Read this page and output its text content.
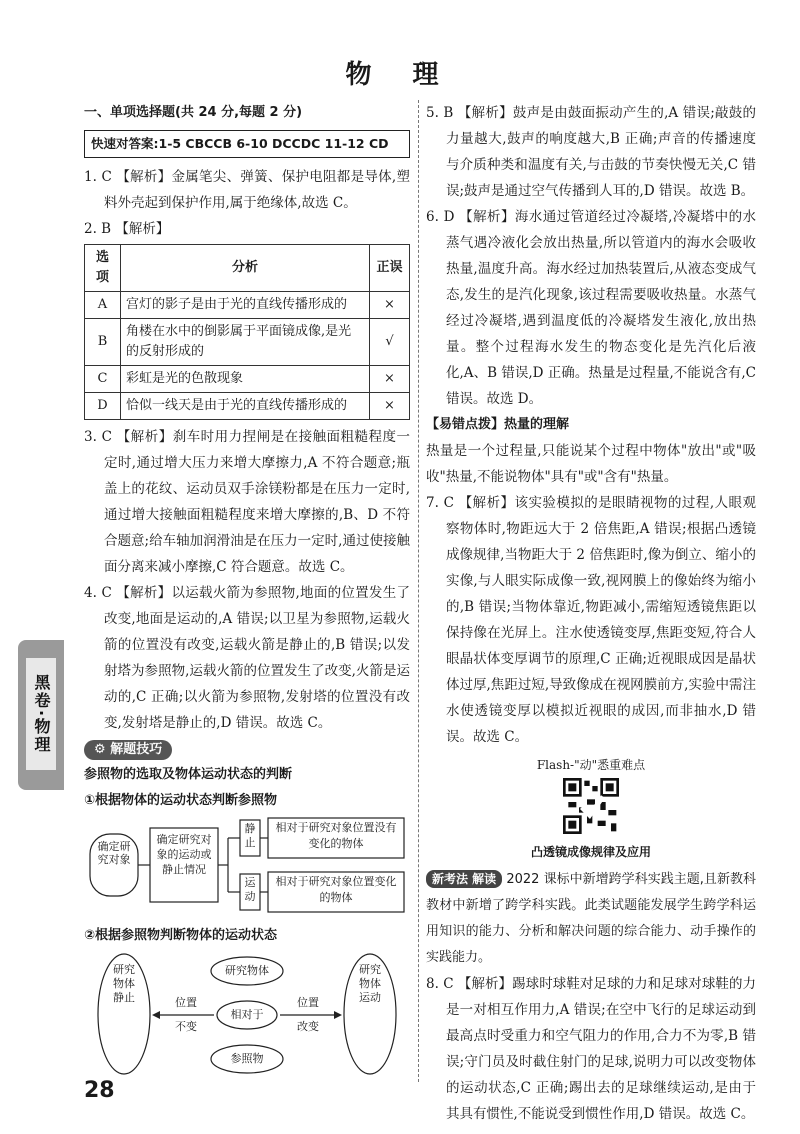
物 理
一、单项选择题(共 24 分,每题 2 分)
快速对答案:1-5 CBCCB 6-10 DCCDC 11-12 CD

1. C 【解析】金属笔尖、弹簧、保护电阻都是导体,塑料外壳起到保护作用,属于绝缘体,故选 C。

2. B 【解析】

选项	分析	正误
A	宫灯的影子是由于光的直线传播形成的	×
B	角楼在水中的倒影属于平面镜成像,是光的反射形成的	√
C	彩虹是光的色散现象	×
D	恰似一线天是由于光的直线传播形成的	×

3. C 【解析】刹车时用力捏闸是在接触面粗糙程度一定时,通过增大压力来增大摩擦力,A 不符合题意;瓶盖上的花纹、运动员双手涂镁粉都是在压力一定时,通过增大接触面粗糙程度来增大摩擦的,B、D 不符合题意;给车轴加润滑油是在压力一定时,通过使接触面分离来减小摩擦,C 符合题意。故选 C。

4. C 【解析】以运载火箭为参照物,地面的位置发生了改变,地面是运动的,A 错误;以卫星为参照物,运载火箭的位置没有改变,运载火箭是静止的,B 错误;以发射塔为参照物,运载火箭的位置发生了改变,火箭是运动的,C 正确;以火箭为参照物,发射塔的位置没有改变,发射塔是静止的,D 错误。故选 C。

⚙ 解题技巧
参照物的选取及物体运动状态的判断
①根据物体的运动状态判断参照物
确定研究对象
确定研究对象的运动或静止情况
静止
运动
相对于研究对象位置没有变化的物体
相对于研究对象位置变化的物体
②根据参照物判断物体的运动状态
研究物体静止
研究物体运动
研究物体
相对于
参照物
位置
不变
位置
改变

5. B 【解析】鼓声是由鼓面振动产生的,A 错误;敲鼓的力量越大,鼓声的响度越大,B 正确;声音的传播速度与介质种类和温度有关,与击鼓的节奏快慢无关,C 错误;鼓声是通过空气传播到人耳的,D 错误。故选 B。

6. D 【解析】海水通过管道经过冷凝塔,冷凝塔中的水蒸气遇冷液化会放出热量,所以管道内的海水会吸收热量,温度升高。海水经过加热装置后,从液态变成气态,发生的是汽化现象,该过程需要吸收热量。水蒸气经过冷凝塔,遇到温度低的冷凝塔发生液化,放出热量。整个过程海水发生的物态变化是先汽化后液化,A、B 错误,D 正确。热量是过程量,不能说含有,C 错误。故选 D。

【易错点拨】热量的理解

热量是一个过程量,只能说某个过程中物体"放出"或"吸收"热量,不能说物体"具有"或"含有"热量。

7. C 【解析】该实验模拟的是眼睛视物的过程,人眼观察物体时,物距远大于 2 倍焦距,A 错误;根据凸透镜成像规律,当物距大于 2 倍焦距时,像为倒立、缩小的实像,与人眼实际成像一致,视网膜上的像始终为缩小的,B 错误;当物体靠近,物距减小,需缩短透镜焦距以保持像在光屏上。注水使透镜变厚,焦距变短,符合人眼晶状体变厚调节的原理,C 正确;近视眼成因是晶状体过厚,焦距过短,导致像成在视网膜前方,实验中需注水使透镜变厚以模拟近视眼的成因,而非抽水,D 错误。故选 C。

Flash-"动"悉重难点
凸透镜成像规律及应用

新考法 解读 2022 课标中新增跨学科实践主题,且新教科教材中新增了跨学科实践。此类试题能发展学生跨学科运用知识的能力、分析和解决问题的综合能力、动手操作的实践能力。

8. C 【解析】踢球时球鞋对足球的力和足球对球鞋的力是一对相互作用力,A 错误;在空中飞行的足球运动到最高点时受重力和空气阻力的作用,合力不为零,B 错误;守门员及时截住射门的足球,说明力可以改变物体的运动状态,C 正确;踢出去的足球继续运动,是由于其具有惯性,不能说受到惯性作用,D 错误。故选 C。

黑卷·物理
28
